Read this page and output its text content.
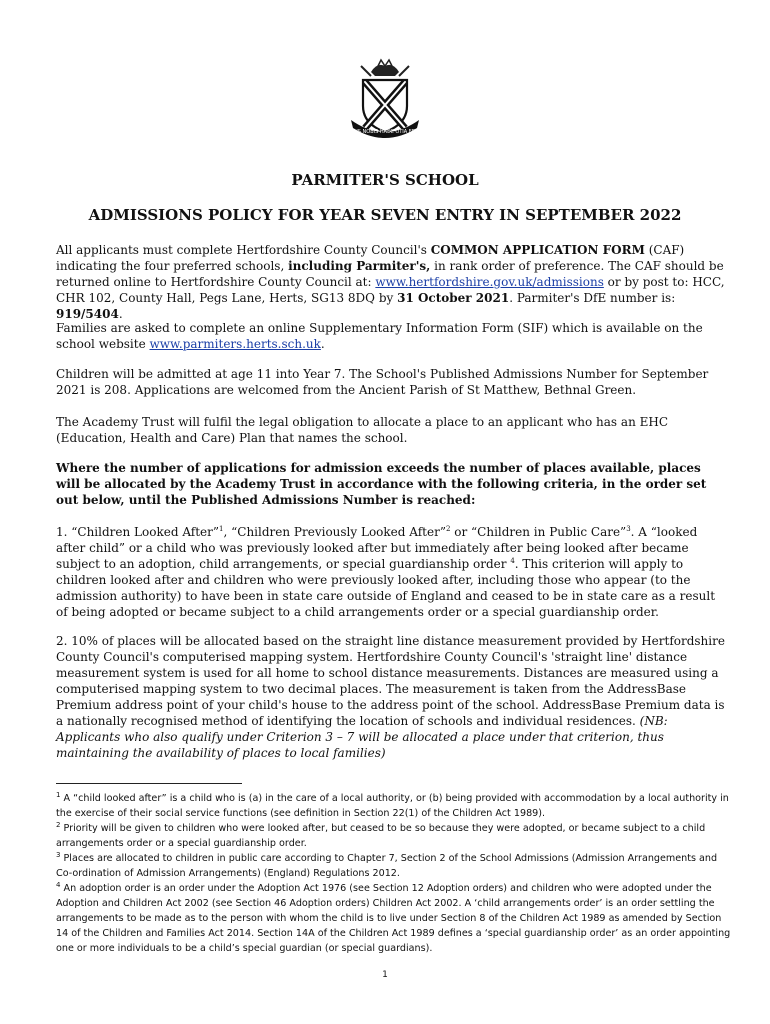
DEUS NOBIS HAEC OTIA FECIT
PARMITER'S SCHOOL
ADMISSIONS POLICY FOR YEAR SEVEN ENTRY IN SEPTEMBER 2022

All applicants must complete Hertfordshire County Council's COMMON APPLICATION FORM (CAF) indicating the four preferred schools, including Parmiter's, in rank order of preference. The CAF should be returned online to Hertfordshire County Council at: www.hertfordshire.gov.uk/admissions or by post to: HCC, CHR 102, County Hall, Pegs Lane, Herts, SG13 8DQ by 31 October 2021. Parmiter's DfE number is: 919/5404.

Families are asked to complete an online Supplementary Information Form (SIF) which is available on the school website www.parmiters.herts.sch.uk.

Children will be admitted at age 11 into Year 7. The School's Published Admissions Number for September 2021 is 208. Applications are welcomed from the Ancient Parish of St Matthew, Bethnal Green.

The Academy Trust will fulfil the legal obligation to allocate a place to an applicant who has an EHC (Education, Health and Care) Plan that names the school.

Where the number of applications for admission exceeds the number of places available, places will be allocated by the Academy Trust in accordance with the following criteria, in the order set out below, until the Published Admissions Number is reached:

1. “Children Looked After”$^1$, “Children Previously Looked After”$^2$ or “Children in Public Care”$^3$. A “looked after child” or a child who was previously looked after but immediately after being looked after became subject to an adoption, child arrangements, or special guardianship order $^4$. This criterion will apply to children looked after and children who were previously looked after, including those who appear (to the admission authority) to have been in state care outside of England and ceased to be in state care as a result of being adopted or became subject to a child arrangements order or a special guardianship order.

2. 10% of places will be allocated based on the straight line distance measurement provided by Hertfordshire County Council's computerised mapping system. Hertfordshire County Council's 'straight line' distance measurement system is used for all home to school distance measurements. Distances are measured using a computerised mapping system to two decimal places. The measurement is taken from the AddressBase Premium address point of your child's house to the address point of the school. AddressBase Premium data is a nationally recognised method of identifying the location of schools and individual residences. (NB: Applicants who also qualify under Criterion 3 – 7 will be allocated a place under that criterion, thus maintaining the availability of places to local families)

$^1$ A “child looked after” is a child who is (a) in the care of a local authority, or (b) being provided with accommodation by a local authority in the exercise of their social service functions (see definition in Section 22(1) of the Children Act 1989).

$^2$ Priority will be given to children who were looked after, but ceased to be so because they were adopted, or became subject to a child arrangements order or a special guardianship order.

$^3$ Places are allocated to children in public care according to Chapter 7, Section 2 of the School Admissions (Admission Arrangements and Co-ordination of Admission Arrangements) (England) Regulations 2012.

$^4$ An adoption order is an order under the Adoption Act 1976 (see Section 12 Adoption orders) and children who were adopted under the Adoption and Children Act 2002 (see Section 46 Adoption orders) Children Act 2002. A ‘child arrangements order’ is an order settling the arrangements to be made as to the person with whom the child is to live under Section 8 of the Children Act 1989 as amended by Section 14 of the Children and Families Act 2014. Section 14A of the Children Act 1989 defines a ‘special guardianship order’ as an order appointing one or more individuals to be a child’s special guardian (or special guardians).

1
